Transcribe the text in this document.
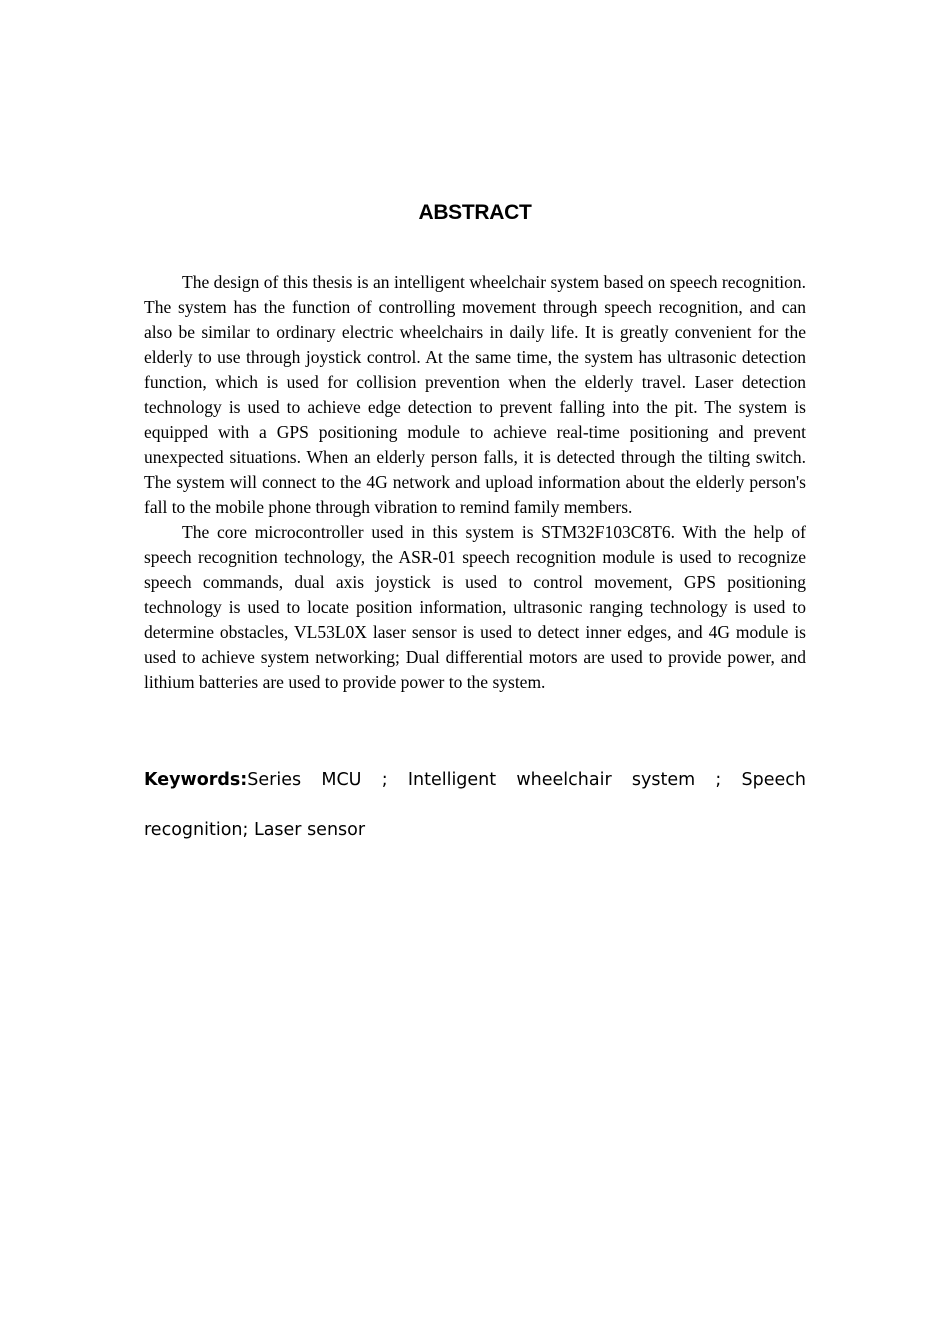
ABSTRACT

The design of this thesis is an intelligent wheelchair system based on speech recognition. The system has the function of controlling movement through speech recognition, and can also be similar to ordinary electric wheelchairs in daily life. It is greatly convenient for the elderly to use through joystick control. At the same time, the system has ultrasonic detection function, which is used for collision prevention when the elderly travel. Laser detection technology is used to achieve edge detection to prevent falling into the pit. The system is equipped with a GPS positioning module to achieve real-time positioning and prevent unexpected situations. When an elderly person falls, it is detected through the tilting switch. The system will connect to the 4G network and upload information about the elderly person's fall to the mobile phone through vibration to remind family members.

The core microcontroller used in this system is STM32F103C8T6. With the help of speech recognition technology, the ASR-01 speech recognition module is used to recognize speech commands, dual axis joystick is used to control movement, GPS positioning technology is used to locate position information, ultrasonic ranging technology is used to determine obstacles, VL53L0X laser sensor is used to detect inner edges, and 4G module is used to achieve system networking; Dual differential motors are used to provide power, and lithium batteries are used to provide power to the system.

Keywords:Series MCU ; Intelligent wheelchair system ; Speech recognition; Laser sensor
